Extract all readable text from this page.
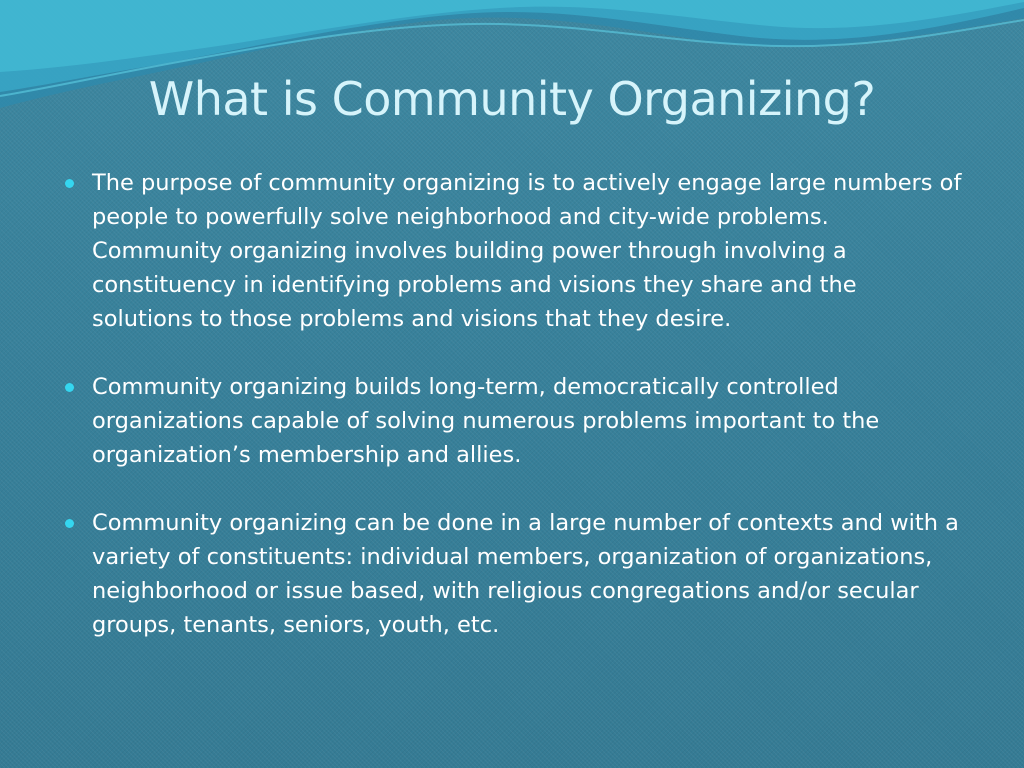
What is Community Organizing?
The purpose of community organizing is to actively engage large numbers of people to powerfully solve neighborhood and city-wide problems. Community organizing involves building power through involving a constituency in identifying problems and visions they share and the solutions to those problems and visions that they desire.
Community organizing builds long-term, democratically controlled organizations capable of solving numerous problems important to the organization’s membership and allies.
Community organizing can be done in a large number of contexts and with a variety of constituents: individual members, organization of organizations, neighborhood or issue based, with religious congregations and/or secular groups, tenants, seniors, youth, etc.
